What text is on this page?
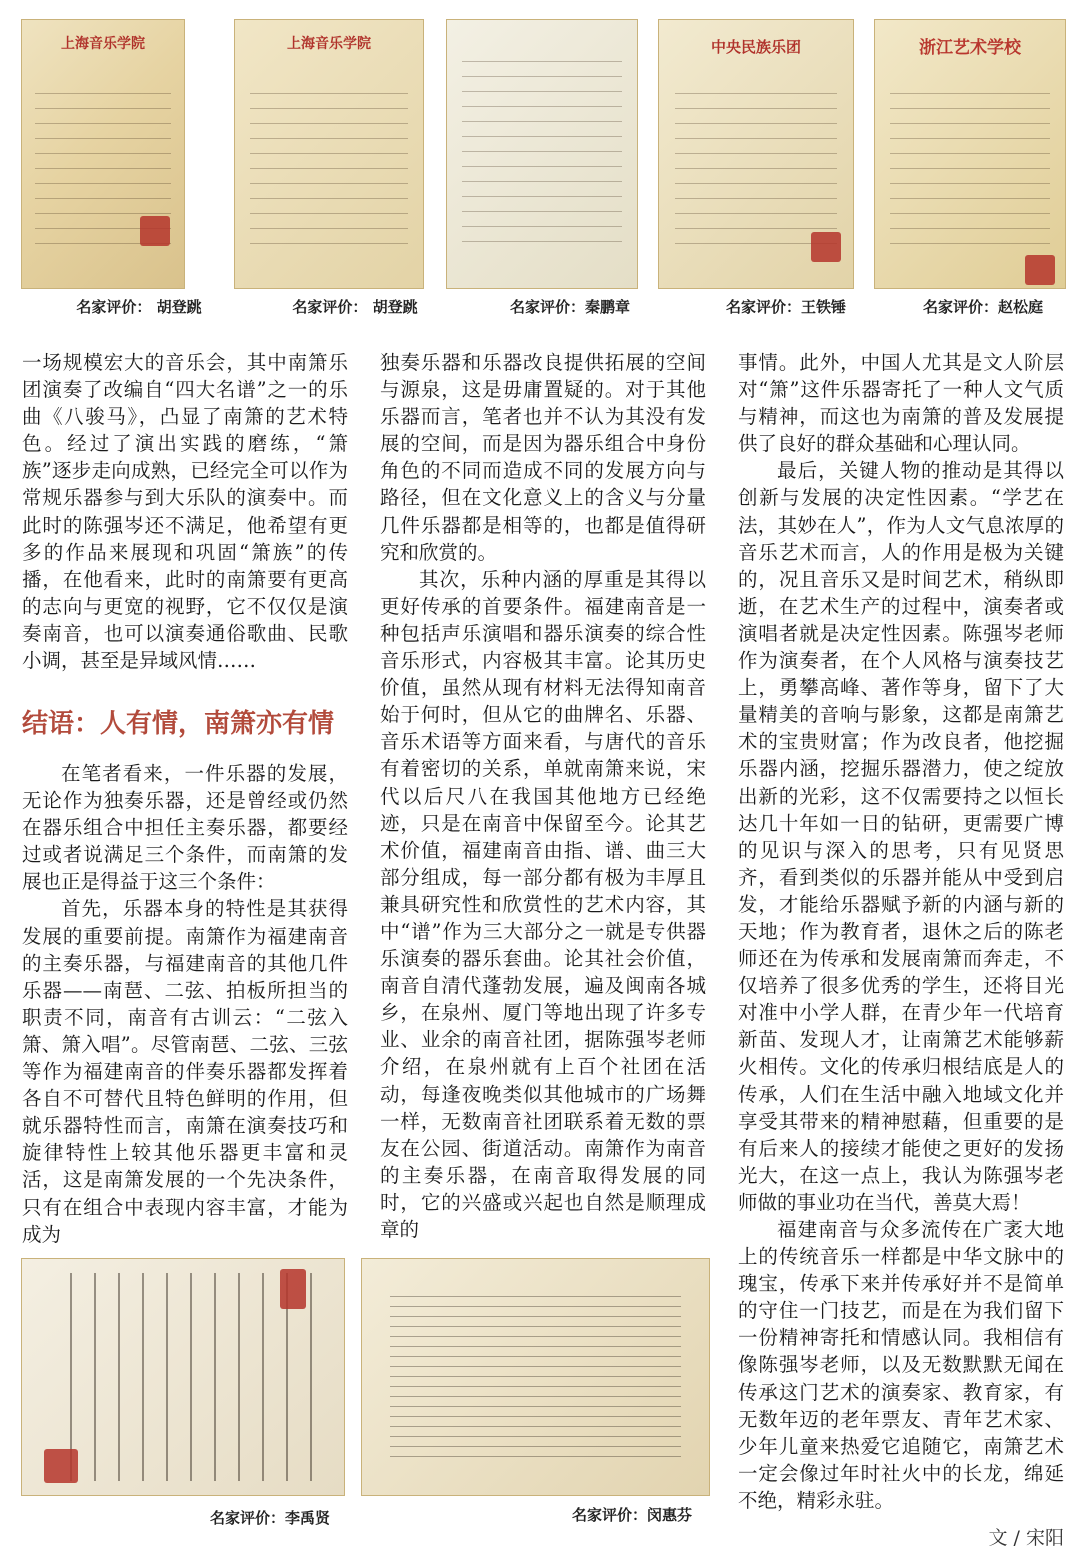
上海音乐学院	上海音乐学院	中央民族乐团	浙江艺术学校
名家评价： 胡登跳	名家评价： 胡登跳	名家评价：秦鹏章	名家评价：王铁锤	名家评价：赵松庭

一场规模宏大的音乐会，其中南箫乐团演奏了改编自“四大名谱”之一的乐曲《八骏马》，凸显了南箫的艺术特色。经过了演出实践的磨练，“箫族”逐步走向成熟，已经完全可以作为常规乐器参与到大乐队的演奏中。而此时的陈强岑还不满足，他希望有更多的作品来展现和巩固“箫族”的传播，在他看来，此时的南箫要有更高的志向与更宽的视野，它不仅仅是演奏南音，也可以演奏通俗歌曲、民歌小调，甚至是异域风情……

结语：人有情，南箫亦有情

在笔者看来，一件乐器的发展，无论作为独奏乐器，还是曾经或仍然在器乐组合中担任主奏乐器，都要经过或者说满足三个条件，而南箫的发展也正是得益于这三个条件：

首先，乐器本身的特性是其获得发展的重要前提。南箫作为福建南音的主奏乐器，与福建南音的其他几件乐器——南琶、二弦、拍板所担当的职责不同，南音有古训云：“二弦入箫、箫入唱”。尽管南琶、二弦、三弦等作为福建南音的伴奏乐器都发挥着各自不可替代且特色鲜明的作用，但就乐器特性而言，南箫在演奏技巧和旋律特性上较其他乐器更丰富和灵活，这是南箫发展的一个先决条件，只有在组合中表现内容丰富，才能为成为

独奏乐器和乐器改良提供拓展的空间与源泉，这是毋庸置疑的。对于其他乐器而言，笔者也并不认为其没有发展的空间，而是因为器乐组合中身份角色的不同而造成不同的发展方向与路径，但在文化意义上的含义与分量几件乐器都是相等的，也都是值得研究和欣赏的。

其次，乐种内涵的厚重是其得以更好传承的首要条件。福建南音是一种包括声乐演唱和器乐演奏的综合性音乐形式，内容极其丰富。论其历史价值，虽然从现有材料无法得知南音始于何时，但从它的曲牌名、乐器、音乐术语等方面来看，与唐代的音乐有着密切的关系，单就南箫来说，宋代以后尺八在我国其他地方已经绝迹，只是在南音中保留至今。论其艺术价值，福建南音由指、谱、曲三大部分组成，每一部分都有极为丰厚且兼具研究性和欣赏性的艺术内容，其中“谱”作为三大部分之一就是专供器乐演奏的器乐套曲。论其社会价值，南音自清代蓬勃发展，遍及闽南各城乡，在泉州、厦门等地出现了许多专业、业余的南音社团，据陈强岑老师介绍，在泉州就有上百个社团在活动，每逢夜晚类似其他城市的广场舞一样，无数南音社团联系着无数的票友在公园、街道活动。南箫作为南音的主奏乐器，在南音取得发展的同时，它的兴盛或兴起也自然是顺理成章的

事情。此外，中国人尤其是文人阶层对“箫”这件乐器寄托了一种人文气质与精神，而这也为南箫的普及发展提供了良好的群众基础和心理认同。

最后，关键人物的推动是其得以创新与发展的决定性因素。“学艺在法，其妙在人”，作为人文气息浓厚的音乐艺术而言，人的作用是极为关键的，况且音乐又是时间艺术，稍纵即逝，在艺术生产的过程中，演奏者或演唱者就是决定性因素。陈强岑老师作为演奏者，在个人风格与演奏技艺上，勇攀高峰、著作等身，留下了大量精美的音响与影象，这都是南箫艺术的宝贵财富；作为改良者，他挖掘乐器内涵，挖掘乐器潜力，使之绽放出新的光彩，这不仅需要持之以恒长达几十年如一日的钻研，更需要广博的见识与深入的思考，只有见贤思齐，看到类似的乐器并能从中受到启发，才能给乐器赋予新的内涵与新的天地；作为教育者，退休之后的陈老师还在为传承和发展南箫而奔走，不仅培养了很多优秀的学生，还将目光对准中小学人群，在青少年一代培育新苗、发现人才，让南箫艺术能够薪火相传。文化的传承归根结底是人的传承，人们在生活中融入地域文化并享受其带来的精神慰藉，但重要的是有后来人的接续才能使之更好的发扬光大，在这一点上，我认为陈强岑老师做的事业功在当代，善莫大焉！

福建南音与众多流传在广袤大地上的传统音乐一样都是中华文脉中的瑰宝，传承下来并传承好并不是简单的守住一门技艺，而是在为我们留下一份精神寄托和情感认同。我相信有像陈强岑老师，以及无数默默无闻在传承这门艺术的演奏家、教育家，有无数年迈的老年票友、青年艺术家、少年儿童来热爱它追随它，南箫艺术一定会像过年时社火中的长龙，绵延不绝，精彩永驻。

名家评价：李禹贤	名家评价：闵惠芬
文 / 宋阳
